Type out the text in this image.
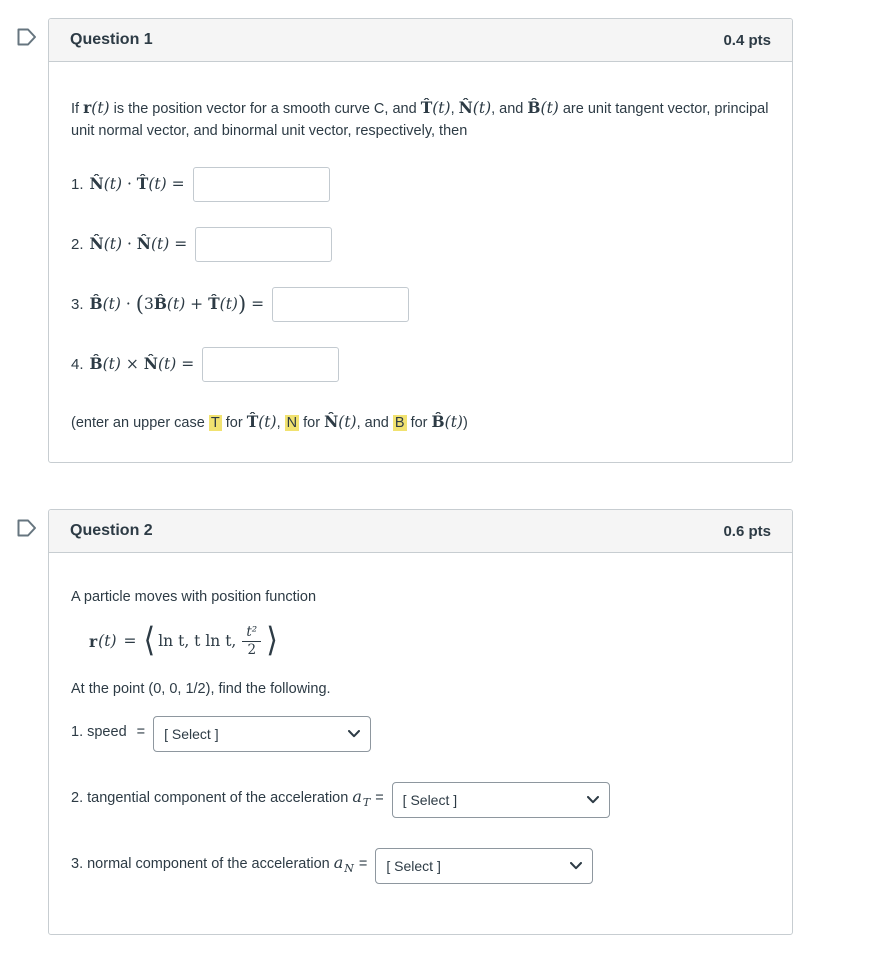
Question 1	0.4 pts

If r(t) is the position vector for a smooth curve C, and T̂(t), N̂(t), and B̂(t) are unit tangent vector, principal unit normal vector, and binormal unit vector, respectively, then

1. N̂(t) · T̂(t) =
2. N̂(t) · N̂(t) =
3. B̂(t) · (3B̂(t) + T̂(t)) =
4. B̂(t) × N̂(t) =

(enter an upper case T for T̂(t), N for N̂(t), and B for B̂(t))

Question 2	0.6 pts

A particle moves with position function

r (t) = ⟨ ln t, t ln t, $\frac{\text{t²}}{2}$ ⟩

At the point (0, 0, 1/2), find the following.

1. speed =
[ Select ]
2. tangential component of the acceleration $a_T$ =
[ Select ]
3. normal component of the acceleration $a_N$ =
[ Select ]
